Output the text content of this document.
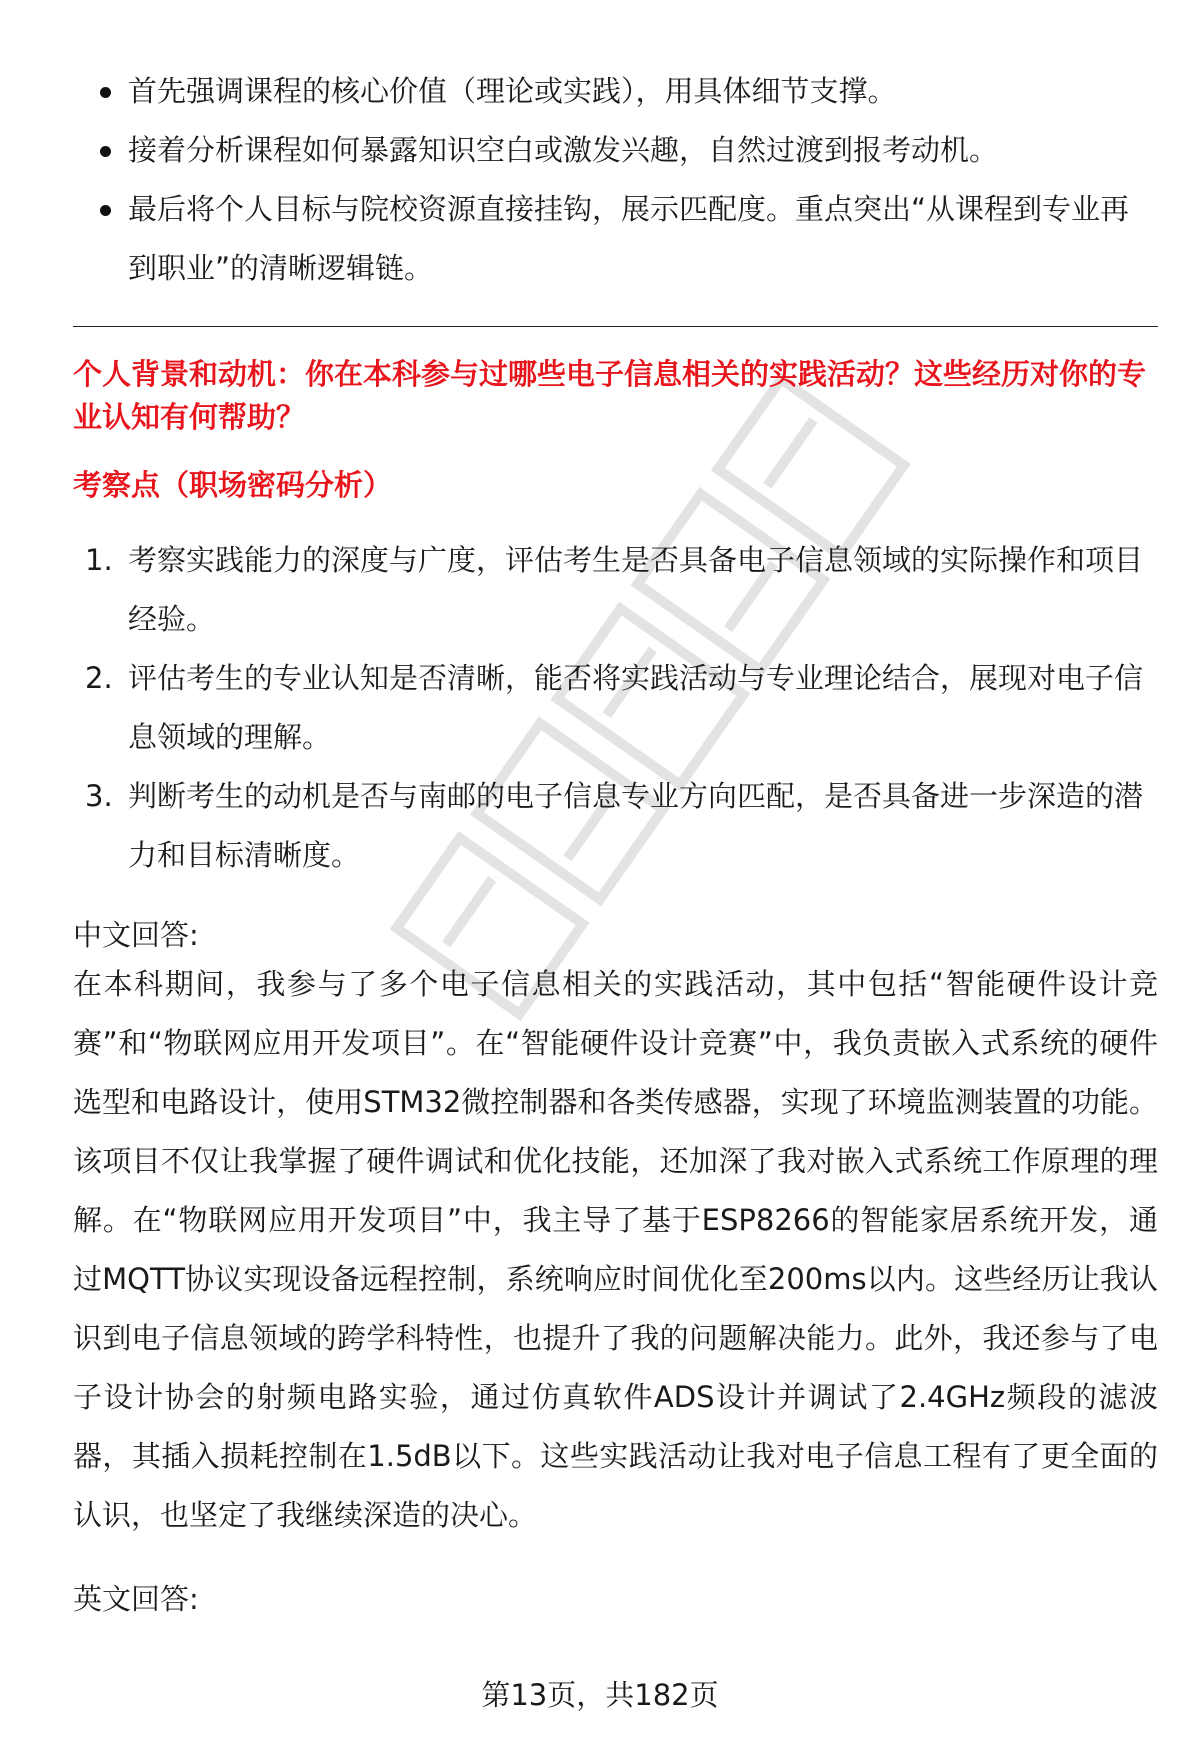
首先强调课程的核心价值（理论或实践），用具体细节支撑。
接着分析课程如何暴露知识空白或激发兴趣，自然过渡到报考动机。
最后将个人目标与院校资源直接挂钩，展示匹配度。重点突出“从课程到专业再到职业”的清晰逻辑链。
个人背景和动机：你在本科参与过哪些电子信息相关的实践活动？这些经历对你的专业认知有何帮助？
考察点（职场密码分析）
1. 考察实践能力的深度与广度，评估考生是否具备电子信息领域的实际操作和项目经验。
2. 评估考生的专业认知是否清晰，能否将实践活动与专业理论结合，展现对电子信息领域的理解。
3. 判断考生的动机是否与南邮的电子信息专业方向匹配，是否具备进一步深造的潜力和目标清晰度。
中文回答:
在本科期间，我参与了多个电子信息相关的实践活动，其中包括“智能硬件设计竞赛”和“物联网应用开发项目”。在“智能硬件设计竞赛”中，我负责嵌入式系统的硬件选型和电路设计，使用STM32微控制器和各类传感器，实现了环境监测装置的功能。该项目不仅让我掌握了硬件调试和优化技能，还加深了我对嵌入式系统工作原理的理解。在“物联网应用开发项目”中，我主导了基于ESP8266的智能家居系统开发，通过MQTT协议实现设备远程控制，系统响应时间优化至200ms以内。这些经历让我认识到电子信息领域的跨学科特性，也提升了我的问题解决能力。此外，我还参与了电子设计协会的射频电路实验，通过仿真软件ADS设计并调试了2.4GHz频段的滤波器，其插入损耗控制在1.5dB以下。这些实践活动让我对电子信息工程有了更全面的认识，也坚定了我继续深造的决心。
英文回答:
第13页，共182页
